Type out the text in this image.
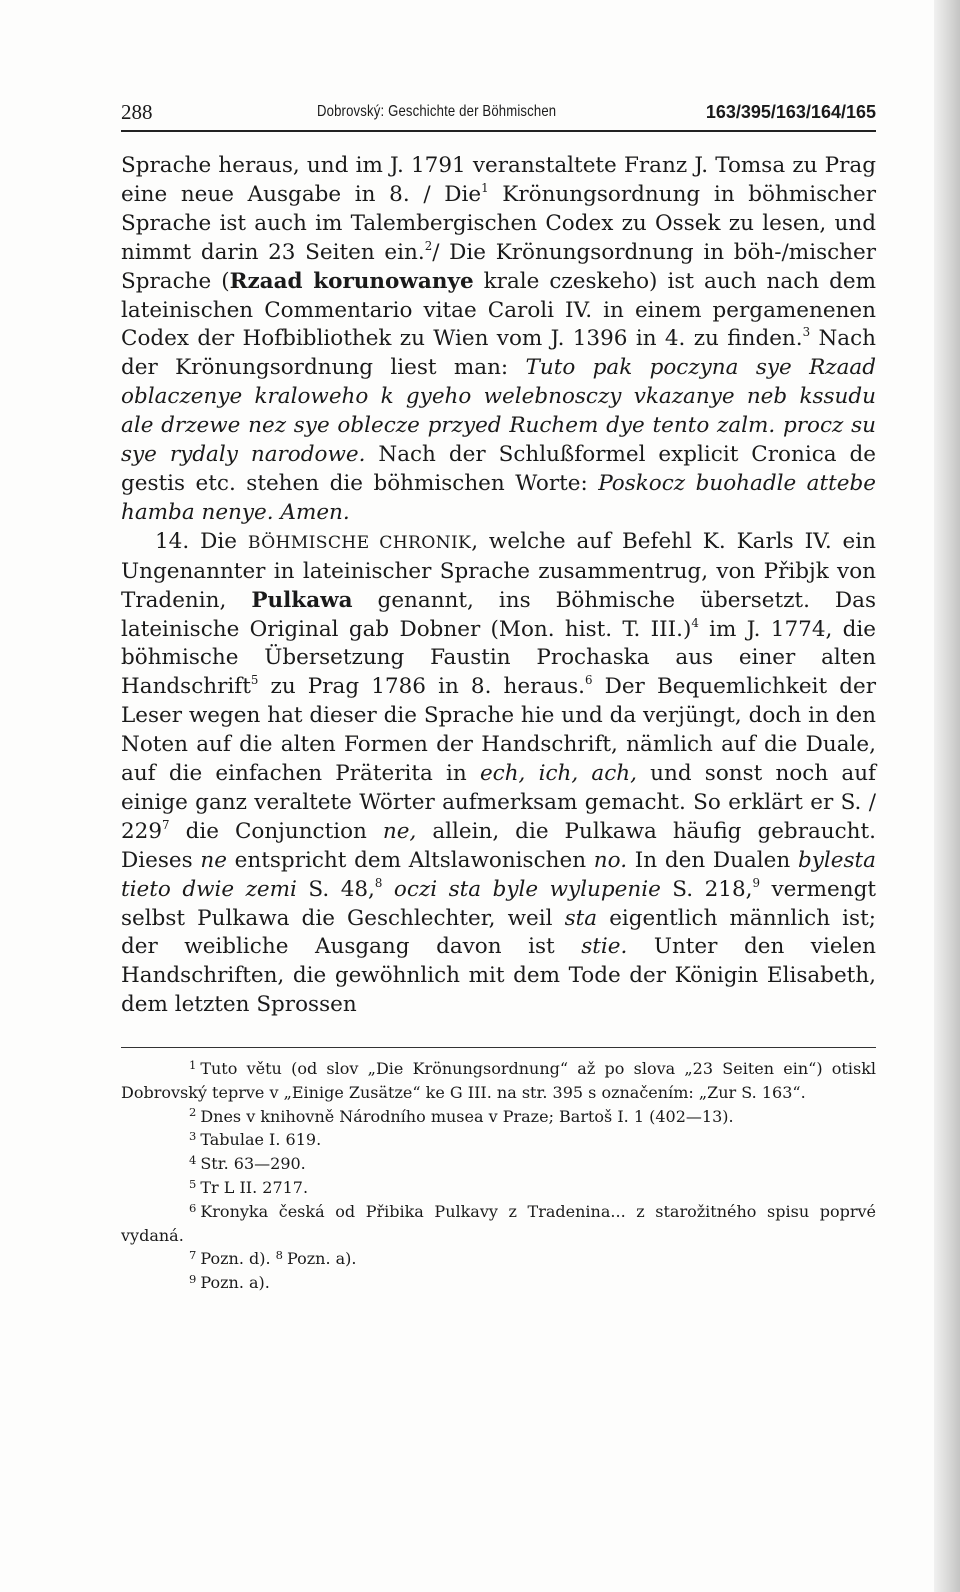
288	Dobrovský: Geschichte der Böhmischen	163/395/163/164/165

Sprache heraus, und im J. 1791 veranstaltete Franz J. Tomsa zu Prag eine neue Ausgabe in 8. / Die$^1$ Krönungsordnung in böhmischer Sprache ist auch im Talembergischen Codex zu Ossek zu lesen, und nimmt darin 23 Seiten ein.$^2$/ Die Krönungsordnung in böh-/mischer Sprache (Rzaad korunowanye krale czeskeho) ist auch nach dem lateinischen Commentario vitae Caroli IV. in einem pergamenenen Codex der Hofbibliothek zu Wien vom J. 1396 in 4. zu finden.$^3$ Nach der Krönungsordnung liest man: Tuto pak poczyna sye Rzaad oblaczenye kraloweho k gyeho welebnosczy vkazanye neb kssudu ale drzewe nez sye oblecze przyed Ruchem dye tento zalm. procz su sye rydaly narodowe. Nach der Schlußformel explicit Cronica de gestis etc. stehen die böhmischen Worte: Poskocz buohadle attebe hamba nenye. Amen.

14. Die BÖHMISCHE CHRONIK, welche auf Befehl K. Karls IV. ein Ungenannter in lateinischer Sprache zusammentrug, von Přibjk von Tradenin, Pulkawa genannt, ins Böhmische übersetzt. Das lateinische Original gab Dobner (Mon. hist. T. III.)$^4$ im J. 1774, die böhmische Übersetzung Faustin Prochaska aus einer alten Handschrift$^5$ zu Prag 1786 in 8. heraus.$^6$ Der Bequemlichkeit der Leser wegen hat dieser die Sprache hie und da verjüngt, doch in den Noten auf die alten Formen der Handschrift, nämlich auf die Duale, auf die einfachen Präterita in ech, ich, ach, und sonst noch auf einige ganz veraltete Wörter aufmerksam gemacht. So erklärt er S. / $229^7$ die Conjunction ne, allein, die Pulkawa häufig gebraucht. Dieses ne entspricht dem Altslawonischen no. In den Dualen bylesta tieto dwie zemi S. 48,$^8$ oczi sta byle wylupenie S. 218,$^9$ vermengt selbst Pulkawa die Geschlechter, weil sta eigentlich männlich ist; der weibliche Ausgang davon ist stie. Unter den vielen Handschriften, die gewöhnlich mit dem Tode der Königin Elisabeth, dem letzten Sprossen

$^1$ Tuto větu (od slov „Die Krönungsordnung“ až po slova „23 Seiten ein“) otiskl Dobrovský teprve v „Einige Zusätze“ ke G III. na str. 395 s označením: „Zur S. 163“.

$^2$ Dnes v knihovně Národního musea v Praze; Bartoš I. 1 (402—13).

$^3$ Tabulae I. 619.

$^4$ Str. 63—290.

$^5$ Tr L II. 2717.

$^6$ Kronyka česká od Přibika Pulkavy z Tradenina... z starožitného spisu poprvé vydaná.

$^7$ Pozn. d). $^8$ Pozn. a).

$^9$ Pozn. a).
